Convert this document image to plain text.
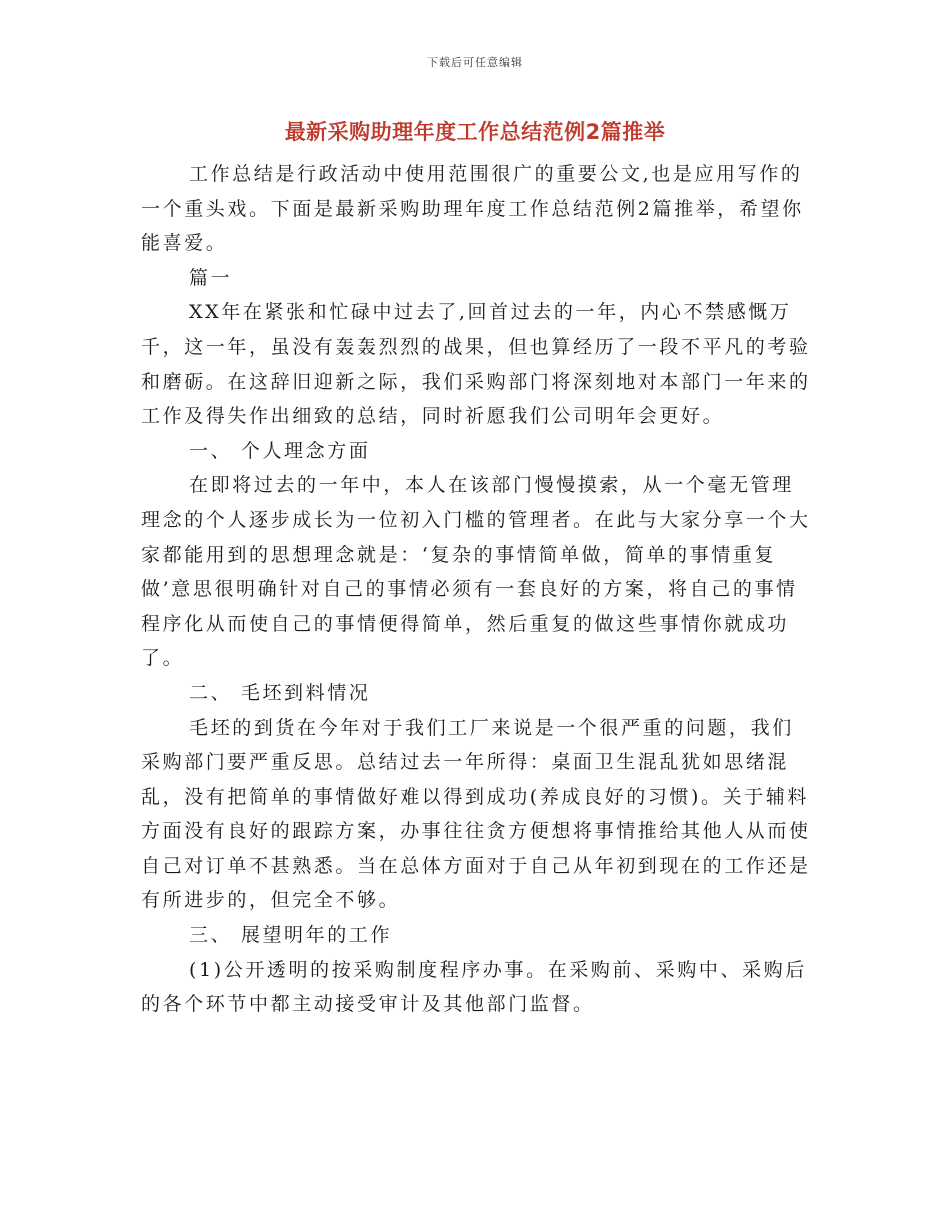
下载后可任意编辑
最新采购助理年度工作总结范例2篇推举

工作总结是行政活动中使用范围很广的重要公文,也是应用写作的一个重头戏。下面是最新采购助理年度工作总结范例2篇推举，希望你能喜爱。

篇一

XX年在紧张和忙碌中过去了,回首过去的一年，内心不禁感慨万千，这一年，虽没有轰轰烈烈的战果，但也算经历了一段不平凡的考验和磨砺。在这辞旧迎新之际，我们采购部门将深刻地对本部门一年来的工作及得失作出细致的总结，同时祈愿我们公司明年会更好。

一、 个人理念方面

在即将过去的一年中，本人在该部门慢慢摸索，从一个毫无管理理念的个人逐步成长为一位初入门槛的管理者。在此与大家分享一个大家都能用到的思想理念就是：‘复杂的事情简单做，简单的事情重复做’意思很明确针对自己的事情必须有一套良好的方案，将自己的事情程序化从而使自己的事情便得简单，然后重复的做这些事情你就成功了。

二、 毛坯到料情况

毛坯的到货在今年对于我们工厂来说是一个很严重的问题，我们采购部门要严重反思。总结过去一年所得：桌面卫生混乱犹如思绪混乱，没有把简单的事情做好难以得到成功(养成良好的习惯)。关于辅料方面没有良好的跟踪方案，办事往往贪方便想将事情推给其他人从而使自己对订单不甚熟悉。当在总体方面对于自己从年初到现在的工作还是有所进步的，但完全不够。

三、 展望明年的工作

(1)公开透明的按采购制度程序办事。在采购前、采购中、采购后的各个环节中都主动接受审计及其他部门监督。
